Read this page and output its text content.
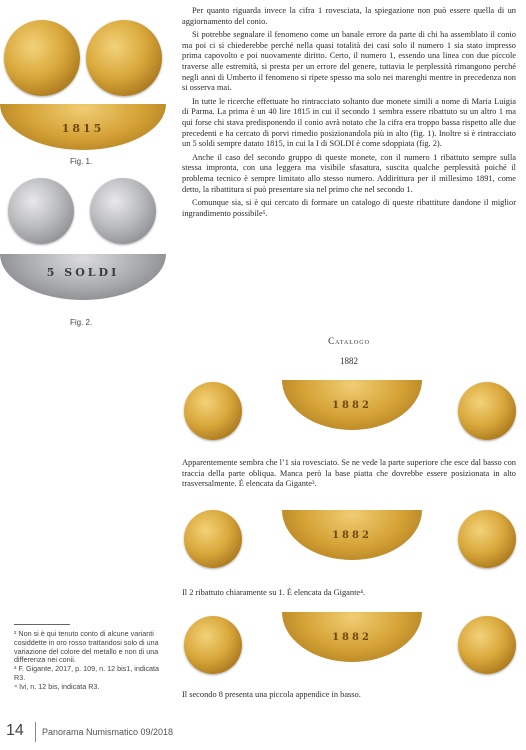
1815
Fig. 1.
5 SOLDI
Fig. 2.

Per quanto riguarda invece la cifra 1 rovesciata, la spiegazione non può essere quella di un aggiornamento del conio.

Si potrebbe segnalare il fenomeno come un banale errore da parte di chi ha assemblato il conio ma poi ci si chiederebbe perché nella quasi totalità dei casi solo il numero 1 sia stato impresso prima capovolto e poi nuovamente diritto. Certo, il numero 1, essendo una linea con due piccole traverse alle estremità, si presta per un errore del genere, tuttavia le perplessità rimangono perché negli anni di Umberto il fenomeno si ripete spesso ma solo nei marenghi mentre in precedenza non si osserva mai.

In tutte le ricerche effettuate ho rintracciato soltanto due monete simili a nome di Maria Luigia di Parma. La prima è un 40 lire 1815 in cui il secondo 1 sembra essere ribattuto su un altro 1 ma qui forse chi stava predisponendo il conio avrà notato che la cifra era troppo bassa rispetto alle due precedenti e ha cercato di porvi rimedio posizionandola più in alto (fig. 1). Inoltre si è rintracciato un 5 soldi sempre datato 1815, in cui la I di SOLDI è come sdoppiata (fig. 2).

Anche il caso del secondo gruppo di queste monete, con il numero 1 ribattuto sempre sulla stessa impronta, con una leggera ma visibile sfasatura, suscita qualche perplessità poiché il problema tecnico è sempre limitato allo stesso numero. Addirittura per il millesimo 1891, come detto, la ribattitura si può presentare sia nel primo che nel secondo 1.

Comunque sia, si è qui cercato di formare un catalogo di queste ribattiture dandone il miglior ingrandimento possibile⁵.

Catalogo
1882
1882

Apparentemente sembra che l’1 sia rovesciato. Se ne vede la parte superiore che esce dal basso con traccia della parte obliqua. Manca però la base piatta che dovrebbe essere posizionata in alto trasversalmente. È elencata da Gigante³.

1882

Il 2 ribattuto chiaramente su 1. È elencata da Gigante⁴.

1882

Il secondo 8 presenta una piccola appendice in basso.

² Non si è qui tenuto conto di alcune varianti cosiddette in oro rosso trattandosi solo di una variazione del colore del metallo e non di una differenza nei conii.
³ F. Gigante, 2017, p. 109, n. 12 bis1, indicata R3.
⁴ Ivi, n. 12 bis, indicata R3.
14 Panorama Numismatico 09/2018
